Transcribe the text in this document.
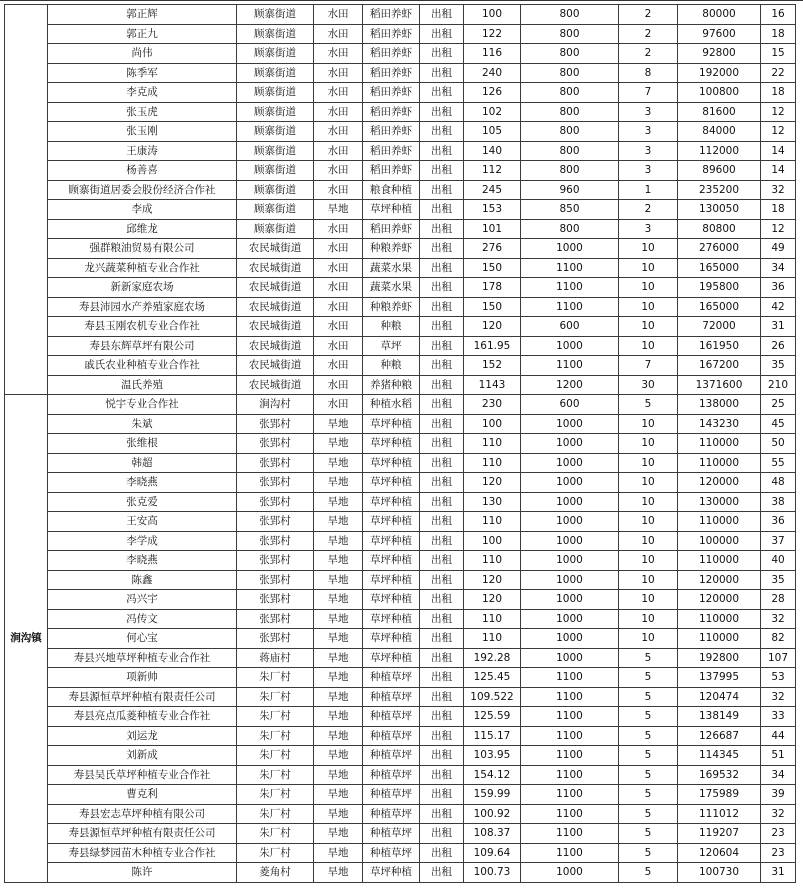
	郭正辉	顾寨街道	水田	稻田养虾	出租	100	800	2	80000	16
	郭正九	顾寨街道	水田	稻田养虾	出租	122	800	2	97600	18
	尚伟	顾寨街道	水田	稻田养虾	出租	116	800	2	92800	15
	陈季军	顾寨街道	水田	稻田养虾	出租	240	800	8	192000	22
	李克成	顾寨街道	水田	稻田养虾	出租	126	800	7	100800	18
	张玉虎	顾寨街道	水田	稻田养虾	出租	102	800	3	81600	12
	张玉刚	顾寨街道	水田	稻田养虾	出租	105	800	3	84000	12
	王康涛	顾寨街道	水田	稻田养虾	出租	140	800	3	112000	14
	杨善喜	顾寨街道	水田	稻田养虾	出租	112	800	3	89600	14
	顾寨街道居委会股份经济合作社	顾寨街道	水田	粮食种植	出租	245	960	1	235200	32
	李成	顾寨街道	旱地	草坪种植	出租	153	850	2	130050	18
	邱维龙	顾寨街道	水田	稻田养虾	出租	101	800	3	80800	12
	强群粮油贸易有限公司	农民城街道	水田	种粮养虾	出租	276	1000	10	276000	49
	龙兴蔬菜种植专业合作社	农民城街道	水田	蔬菜水果	出租	150	1100	10	165000	34
	新新家庭农场	农民城街道	水田	蔬菜水果	出租	178	1100	10	195800	36
	寿县沛园水产养殖家庭农场	农民城街道	水田	种粮养虾	出租	150	1100	10	165000	42
	寿县玉刚农机专业合作社	农民城街道	水田	种粮	出租	120	600	10	72000	31
	寿县东辉草坪有限公司	农民城街道	水田	草坪	出租	161.95	1000	10	161950	26
	戚氏农业种植专业合作社	农民城街道	水田	种粮	出租	152	1100	7	167200	35
	温氏养殖	农民城街道	水田	养猪种粮	出租	1143	1200	30	1371600	210
涧沟镇	悦宇专业合作社	涧沟村	水田	种植水稻	出租	230	600	5	138000	25
	朱斌	张郢村	旱地	草坪种植	出租	100	1000	10	143230	45
	张维根	张郢村	旱地	草坪种植	出租	110	1000	10	110000	50
	韩超	张郢村	旱地	草坪种植	出租	110	1000	10	110000	55
	李晓燕	张郢村	旱地	草坪种植	出租	120	1000	10	120000	48
	张克爱	张郢村	旱地	草坪种植	出租	130	1000	10	130000	38
	王安高	张郢村	旱地	草坪种植	出租	110	1000	10	110000	36
	李学成	张郢村	旱地	草坪种植	出租	100	1000	10	100000	37
	李晓燕	张郢村	旱地	草坪种植	出租	110	1000	10	110000	40
	陈鑫	张郢村	旱地	草坪种植	出租	120	1000	10	120000	35
	冯兴宇	张郢村	旱地	草坪种植	出租	120	1000	10	120000	28
	冯传文	张郢村	旱地	草坪种植	出租	110	1000	10	110000	32
	何心宝	张郢村	旱地	草坪种植	出租	110	1000	10	110000	82
	寿县兴地草坪种植专业合作社	蒋庙村	旱地	草坪种植	出租	192.28	1000	5	192800	107
	项新帅	朱厂村	旱地	种植草坪	出租	125.45	1100	5	137995	53
	寿县源恒草坪种植有限责任公司	朱厂村	旱地	种植草坪	出租	109.522	1100	5	120474	32
	寿县亮点瓜菱种植专业合作社	朱厂村	旱地	种植草坪	出租	125.59	1100	5	138149	33
	刘运龙	朱厂村	旱地	种植草坪	出租	115.17	1100	5	126687	44
	刘新成	朱厂村	旱地	种植草坪	出租	103.95	1100	5	114345	51
	寿县吴氏草坪种植专业合作社	朱厂村	旱地	种植草坪	出租	154.12	1100	5	169532	34
	曹克利	朱厂村	旱地	种植草坪	出租	159.99	1100	5	175989	39
	寿县宏志草坪种植有限公司	朱厂村	旱地	种植草坪	出租	100.92	1100	5	111012	32
	寿县源恒草坪种植有限责任公司	朱厂村	旱地	种植草坪	出租	108.37	1100	5	119207	23
	寿县绿梦园苗木种植专业合作社	朱厂村	旱地	种植草坪	出租	109.64	1100	5	120604	23
	陈许	菱角村	旱地	草坪种植	出租	100.73	1000	5	100730	31
